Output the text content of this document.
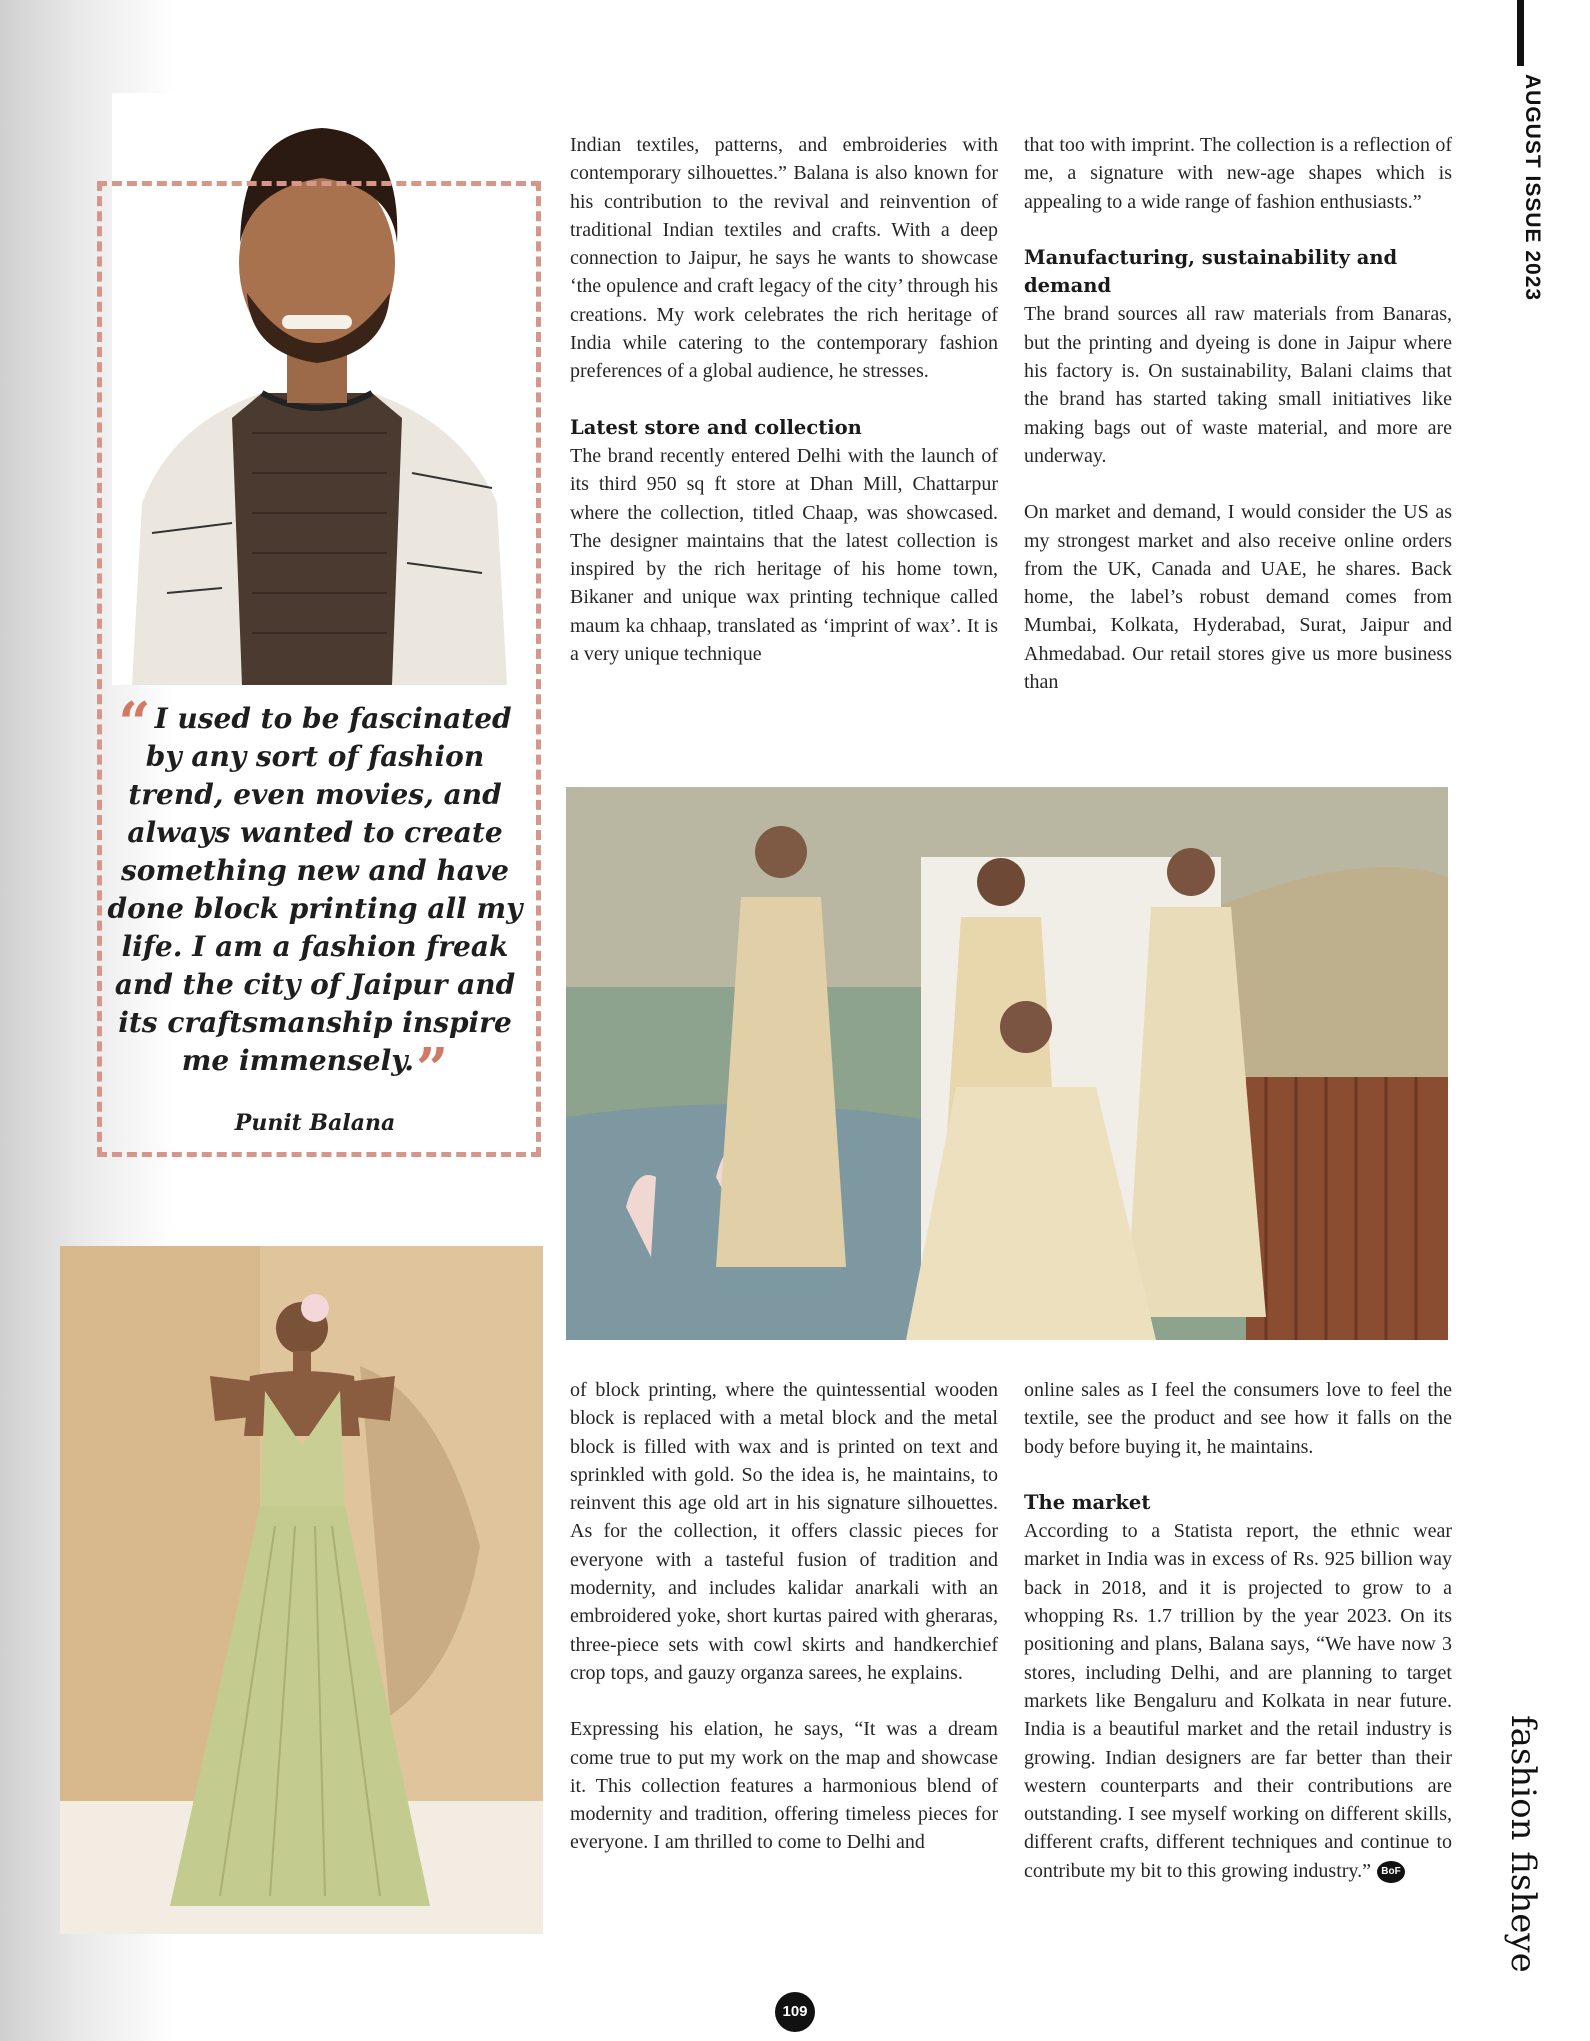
AUGUST ISSUE 2023
fashion fisheye
“ I used to be fascinated by any sort of fashion trend, even movies, and always wanted to create something new and have done block printing all my life. I am a fashion freak and the city of Jaipur and its craftsmanship inspire me immensely.”
Punit Balana

Indian textiles, patterns, and embroideries with contemporary silhouettes.” Balana is also known for his contribution to the revival and reinvention of traditional Indian textiles and crafts. With a deep connection to Jaipur, he says he wants to showcase ‘the opulence and craft legacy of the city’ through his creations. My work celebrates the rich heritage of India while catering to the contemporary fashion preferences of a global audience, he stresses.

Latest store and collection

The brand recently entered Delhi with the launch of its third 950 sq ft store at Dhan Mill, Chattarpur where the collection, titled Chaap, was showcased. The designer maintains that the latest collection is inspired by the rich heritage of his home town, Bikaner and unique wax printing technique called maum ka chhaap, translated as ‘imprint of wax’. It is a very unique technique

that too with imprint. The collection is a reflection of me, a signature with new-age shapes which is appealing to a wide range of fashion enthusiasts.”

Manufacturing, sustainability and demand

The brand sources all raw materials from Banaras, but the printing and dyeing is done in Jaipur where his factory is. On sustainability, Balani claims that the brand has started taking small initiatives like making bags out of waste material, and more are underway.

On market and demand, I would consider the US as my strongest market and also receive online orders from the UK, Canada and UAE, he shares. Back home, the label’s robust demand comes from Mumbai, Kolkata, Hyderabad, Surat, Jaipur and Ahmedabad. Our retail stores give us more business than

of block printing, where the quintessential wooden block is replaced with a metal block and the metal block is filled with wax and is printed on text and sprinkled with gold. So the idea is, he maintains, to reinvent this age old art in his signature silhouettes. As for the collection, it offers classic pieces for everyone with a tasteful fusion of tradition and modernity, and includes kalidar anarkali with an embroidered yoke, short kurtas paired with gheraras, three-piece sets with cowl skirts and handkerchief crop tops, and gauzy organza sarees, he explains.

Expressing his elation, he says, “It was a dream come true to put my work on the map and showcase it. This collection features a harmonious blend of modernity and tradition, offering timeless pieces for everyone. I am thrilled to come to Delhi and

online sales as I feel the consumers love to feel the textile, see the product and see how it falls on the body before buying it, he maintains.

The market

According to a Statista report, the ethnic wear market in India was in excess of Rs. 925 billion way back in 2018, and it is projected to grow to a whopping Rs. 1.7 trillion by the year 2023. On its positioning and plans, Balana says, “We have now 3 stores, including Delhi, and are planning to target markets like Bengaluru and Kolkata in near future. India is a beautiful market and the retail industry is growing. Indian designers are far better than their western counterparts and their contributions are outstanding. I see myself working on different skills, different crafts, different techniques and continue to contribute my bit to this growing industry.” BoF

109
